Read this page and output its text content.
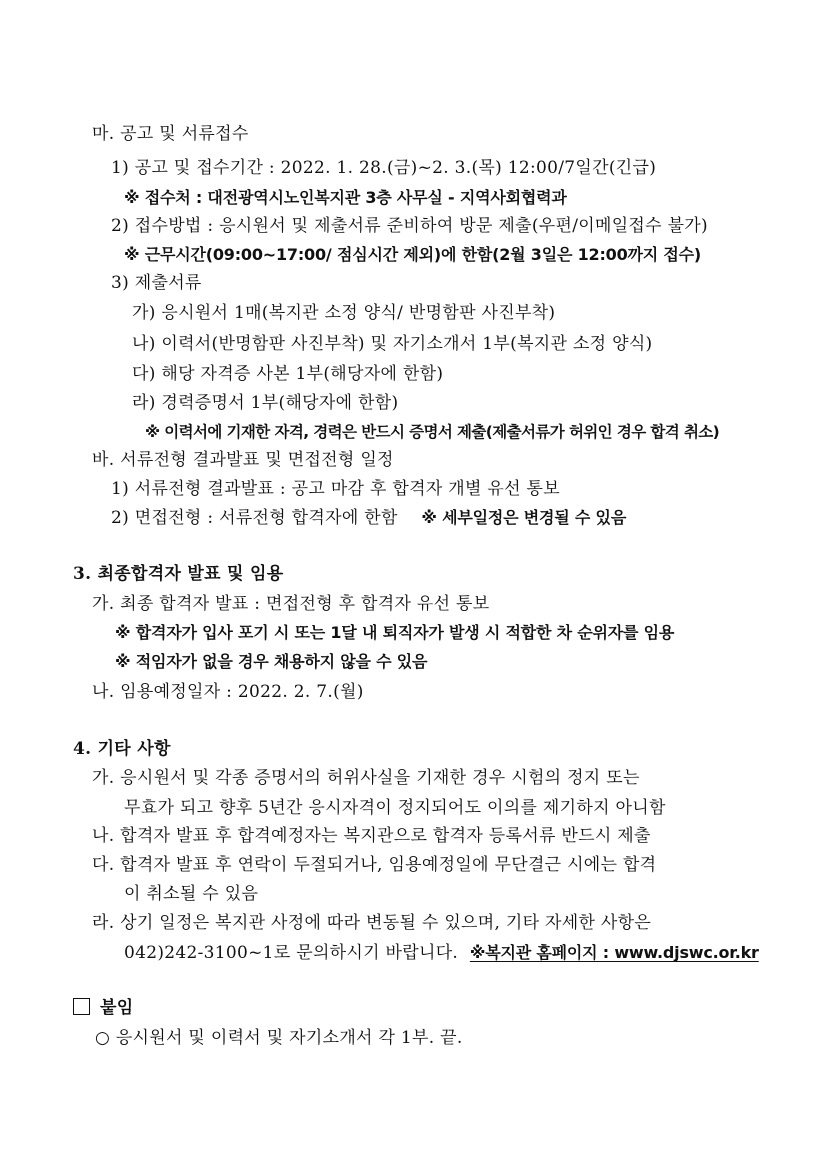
마. 공고 및 서류접수
1) 공고 및 접수기간 : 2022. 1. 28.(금)~2. 3.(목) 12:00/7일간(긴급)
※ 접수처 : 대전광역시노인복지관 3층 사무실 - 지역사회협력과
2) 접수방법 : 응시원서 및 제출서류 준비하여 방문 제출(우편/이메일접수 불가)
※ 근무시간(09:00~17:00/ 점심시간 제외)에 한함(2월 3일은 12:00까지 접수)
3) 제출서류
가) 응시원서 1매(복지관 소정 양식/ 반명함판 사진부착)
나) 이력서(반명함판 사진부착) 및 자기소개서 1부(복지관 소정 양식)
다) 해당 자격증 사본 1부(해당자에 한함)
라) 경력증명서 1부(해당자에 한함)
※ 이력서에 기재한 자격, 경력은 반드시 증명서 제출(제출서류가 허위인 경우 합격 취소)
바. 서류전형 결과발표 및 면접전형 일정
1) 서류전형 결과발표 : 공고 마감 후 합격자 개별 유선 통보
2) 면접전형 : 서류전형 합격자에 한함 ※ 세부일정은 변경될 수 있음
3. 최종합격자 발표 및 임용
가. 최종 합격자 발표 : 면접전형 후 합격자 유선 통보
※ 합격자가 입사 포기 시 또는 1달 내 퇴직자가 발생 시 적합한 차 순위자를 임용
※ 적임자가 없을 경우 채용하지 않을 수 있음
나. 임용예정일자 : 2022. 2. 7.(월)
4. 기타 사항
가. 응시원서 및 각종 증명서의 허위사실을 기재한 경우 시험의 정지 또는
무효가 되고 향후 5년간 응시자격이 정지되어도 이의를 제기하지 아니함
나. 합격자 발표 후 합격예정자는 복지관으로 합격자 등록서류 반드시 제출
다. 합격자 발표 후 연락이 두절되거나, 임용예정일에 무단결근 시에는 합격
이 취소될 수 있음
라. 상기 일정은 복지관 사정에 따라 변동될 수 있으며, 기타 자세한 사항은
042)242-3100~1로 문의하시기 바랍니다. ※복지관 홈페이지 : www.djswc.or.kr
붙임
○ 응시원서 및 이력서 및 자기소개서 각 1부. 끝.
